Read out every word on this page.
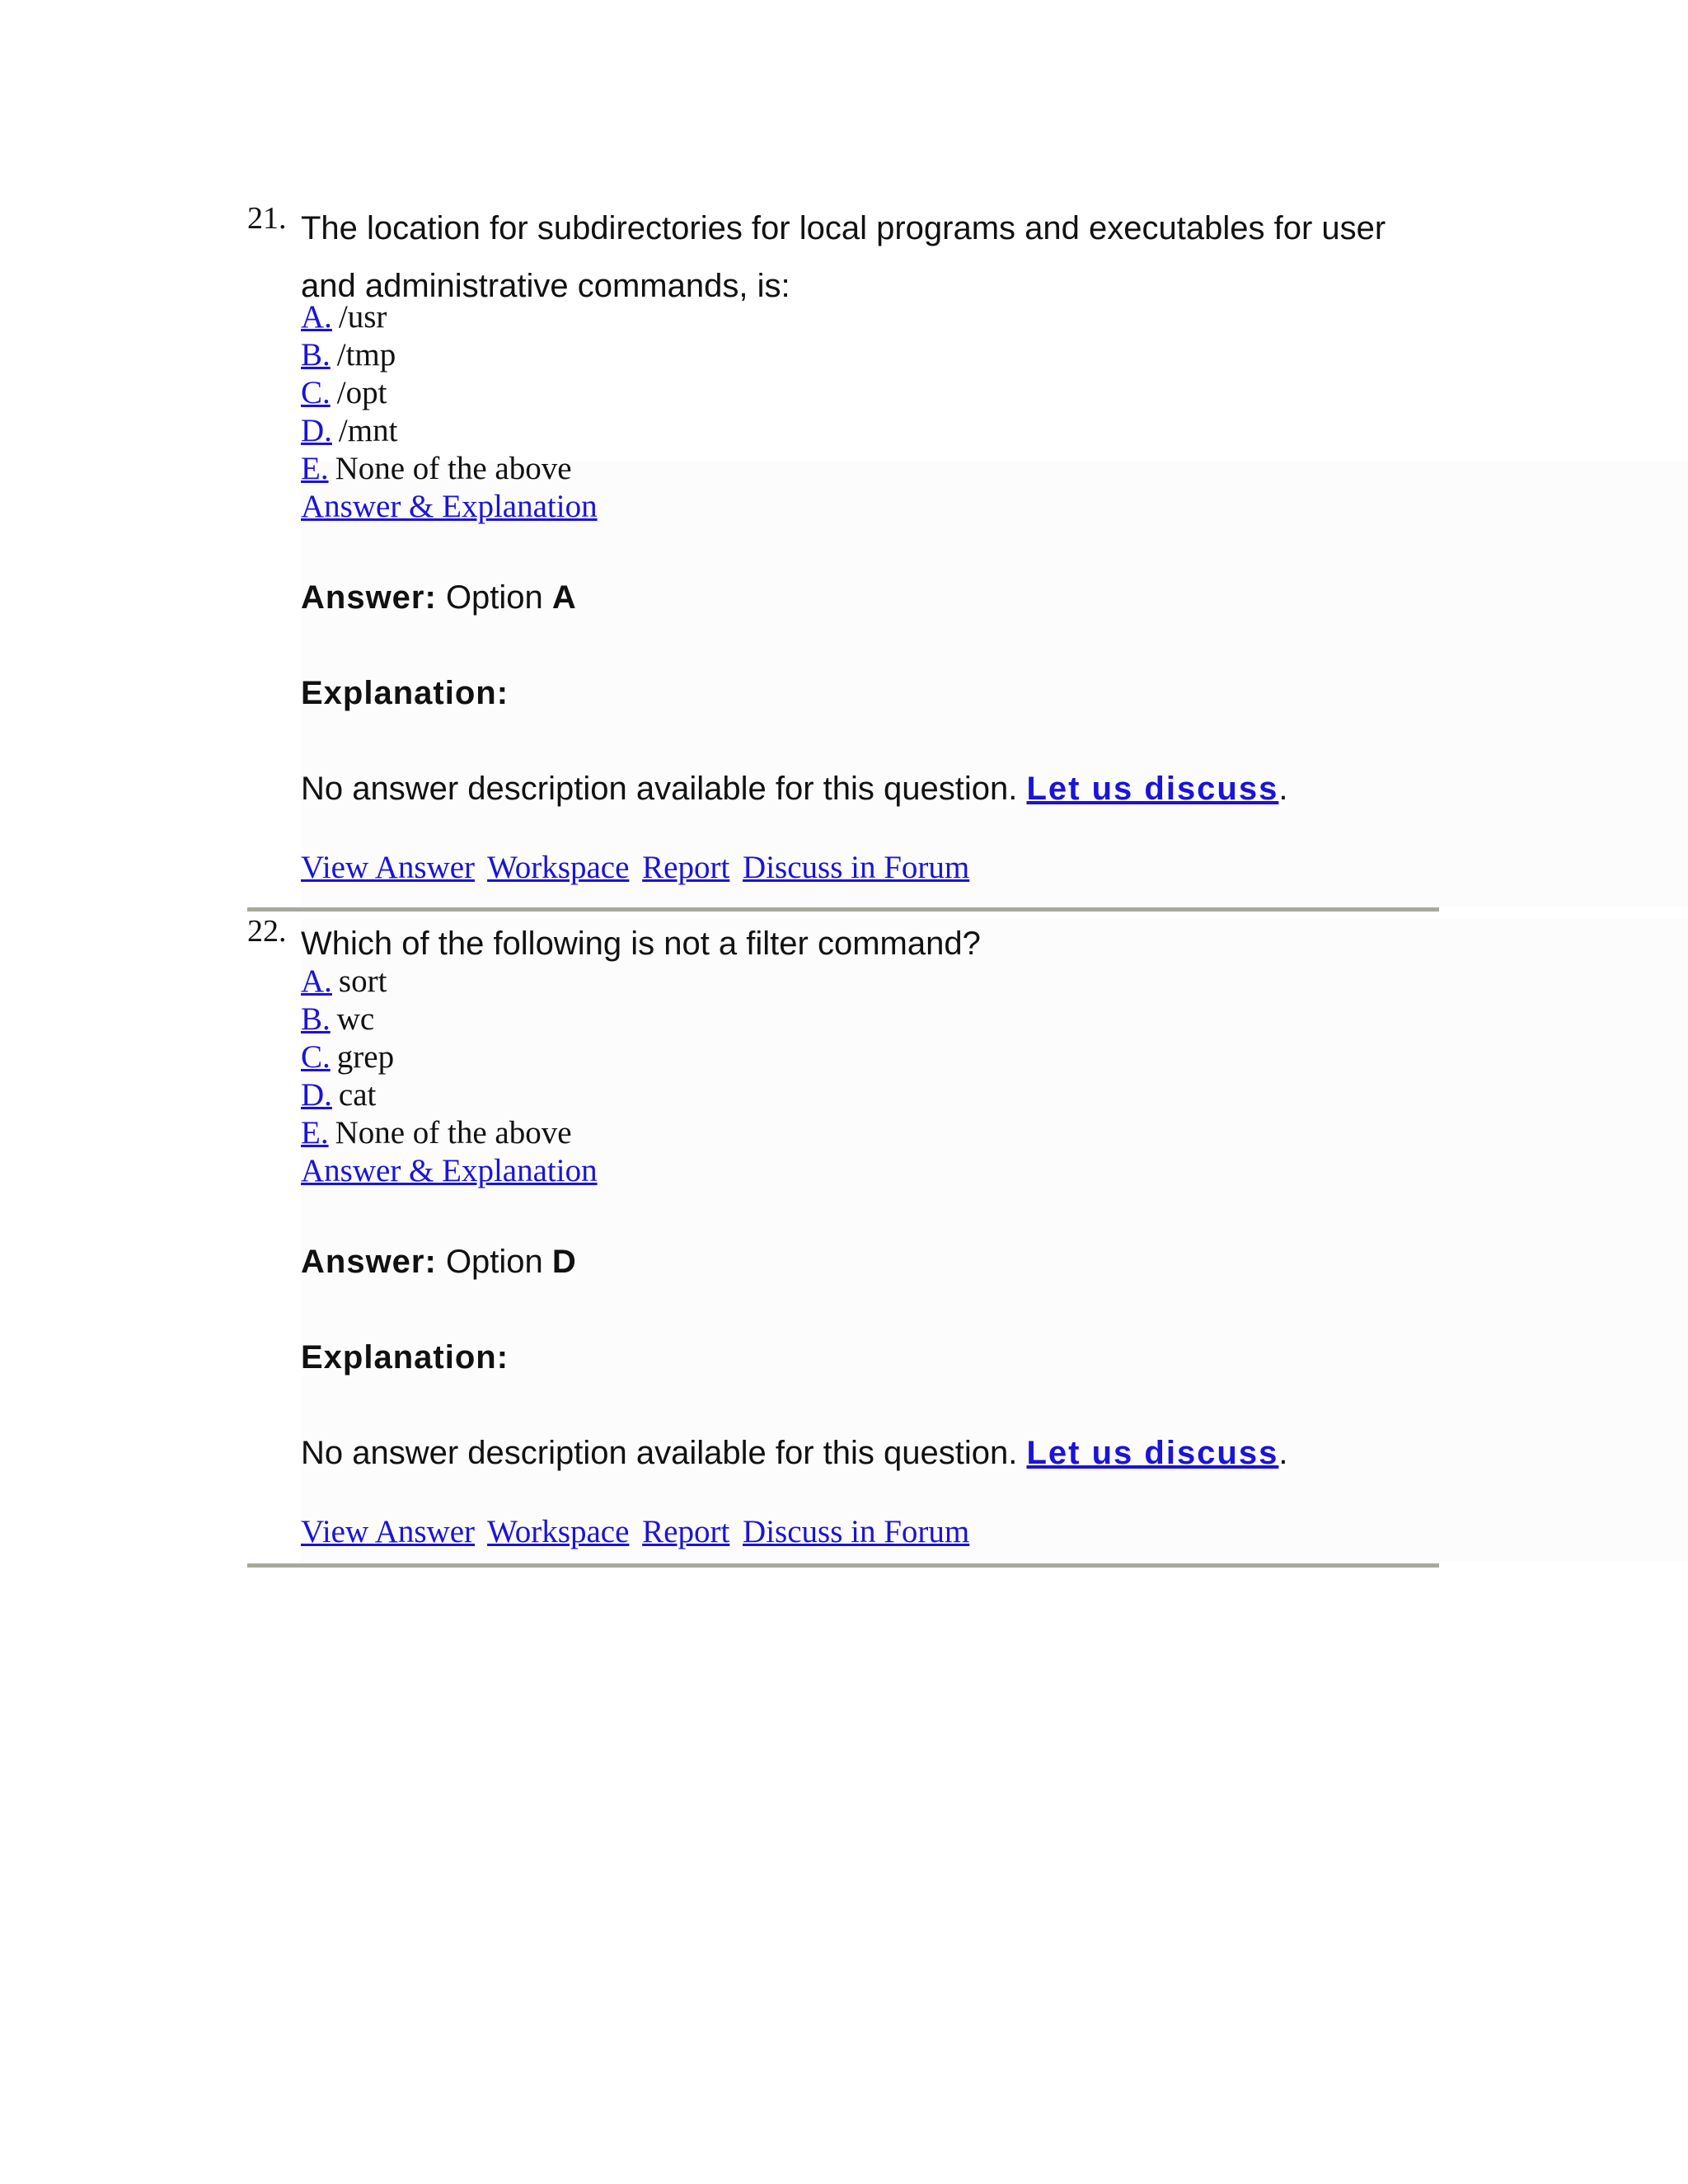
21. The location for subdirectories for local programs and executables for user
and administrative commands, is:

A. /usr
B. /tmp
C. /opt
D. /mnt
E. None of the above
Answer & Explanation
Answer: Option A
Explanation:
No answer description available for this question. Let us discuss.
View Answer Workspace Report Discuss in Forum
22. Which of the following is not a filter command?

A. sort
B. wc
C. grep
D. cat
E. None of the above
Answer & Explanation
Answer: Option D
Explanation:
No answer description available for this question. Let us discuss.
View Answer Workspace Report Discuss in Forum
